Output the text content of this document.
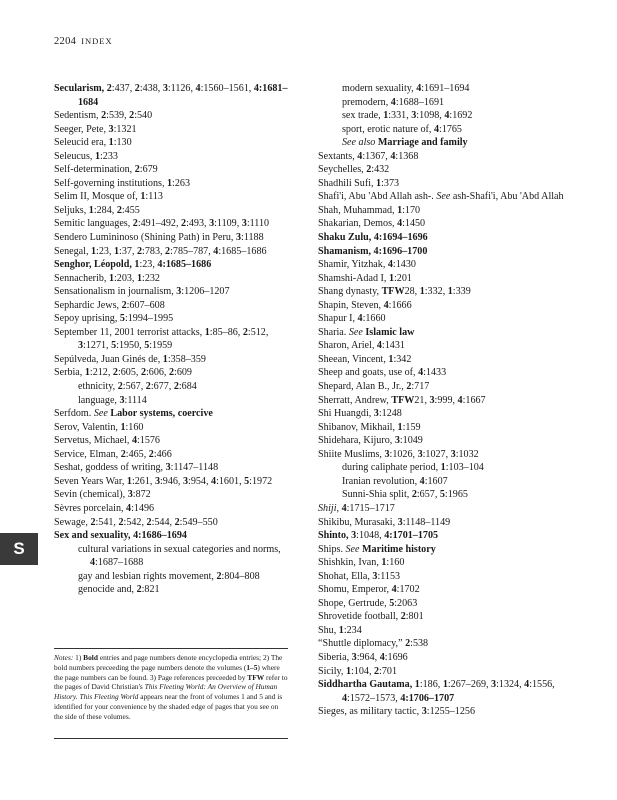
2204 INDEX
Secularism, 2:437, 2:438, 3:1126, 4:1560–1561, 4:1681–1684
Sedentism, 2:539, 2:540
Seeger, Pete, 3:1321
Seleucid era, 1:130
Seleucus, 1:233
Self-determination, 2:679
Self-governing institutions, 1:263
Selim II, Mosque of, 1:113
Seljuks, 1:284, 2:455
Semitic languages, 2:491–492, 2:493, 3:1109, 3:1110
Sendero Lumininoso (Shining Path) in Peru, 3:1188
Senegal, 1:23, 1:37, 2:783, 2:785–787, 4:1685–1686
Senghor, Léopold, 1:23, 4:1685–1686
Sennacherib, 1:203, 1:232
Sensationalism in journalism, 3:1206–1207
Sephardic Jews, 2:607–608
Sepoy uprising, 5:1994–1995
September 11, 2001 terrorist attacks, 1:85–86, 2:512, 3:1271, 5:1950, 5:1959
Sepúlveda, Juan Ginés de, 1:358–359
Serbia, 1:212, 2:605, 2:606, 2:609
ethnicity, 2:567, 2:677, 2:684
language, 3:1114
Serfdom. See Labor systems, coercive
Serov, Valentin, 1:160
Servetus, Michael, 4:1576
Service, Elman, 2:465, 2:466
Seshat, goddess of writing, 3:1147–1148
Seven Years War, 1:261, 3:946, 3:954, 4:1601, 5:1972
Sevin (chemical), 3:872
Sèvres porcelain, 4:1496
Sewage, 2:541, 2:542, 2:544, 2:549–550
Sex and sexuality, 4:1686–1694
cultural variations in sexual categories and norms, 4:1687–1688
gay and lesbian rights movement, 2:804–808
genocide and, 2:821
modern sexuality, 4:1691–1694
premodern, 4:1688–1691
sex trade, 1:331, 3:1098, 4:1692
sport, erotic nature of, 4:1765
See also Marriage and family
Sextants, 4:1367, 4:1368
Seychelles, 2:432
Shadhili Sufi, 1:373
Shafi'i, Abu 'Abd Allah ash-. See ash-Shafi'i, Abu 'Abd Allah
Shah, Muhammad, 1:170
Shakarian, Demos, 4:1450
Shaku Zulu, 4:1694–1696
Shamanism, 4:1696–1700
Shamir, Yitzhak, 4:1430
Shamshi-Adad I, 1:201
Shang dynasty, TFW28, 1:332, 1:339
Shapin, Steven, 4:1666
Shapur I, 4:1660
Sharia. See Islamic law
Sharon, Ariel, 4:1431
Sheean, Vincent, 1:342
Sheep and goats, use of, 4:1433
Shepard, Alan B., Jr., 2:717
Sherratt, Andrew, TFW21, 3:999, 4:1667
Shi Huangdi, 3:1248
Shibanov, Mikhail, 1:159
Shidehara, Kijuro, 3:1049
Shiite Muslims, 3:1026, 3:1027, 3:1032
during caliphate period, 1:103–104
Iranian revolution, 4:1607
Sunni-Shia split, 2:657, 5:1965
Shiji, 4:1715–1717
Shikibu, Murasaki, 3:1148–1149
Shinto, 3:1048, 4:1701–1705
Ships. See Maritime history
Shishkin, Ivan, 1:160
Shohat, Ella, 3:1153
Shomu, Emperor, 4:1702
Shope, Gertrude, 5:2063
Shrovetide football, 2:801
Shu, 1:234
“Shuttle diplomacy,” 2:538
Siberia, 3:964, 4:1696
Sicily, 1:104, 2:701
Siddhartha Gautama, 1:186, 1:267–269, 3:1324, 4:1556, 4:1572–1573, 4:1706–1707
Sieges, as military tactic, 3:1255–1256
Notes: 1) Bold entries and page numbers denote encyclopedia entries; 2) The bold numbers preceeding the page numbers denote the volumes (1–5) where the page numbers can be found. 3) Page references preceeded by TFW refer to the pages of David Christian's This Fleeting World: An Overview of Human History. This Fleeting World appears near the front of volumes 1 and 5 and is identified for your convenience by the shaded edge of pages that you see on the side of these volumes.
S
